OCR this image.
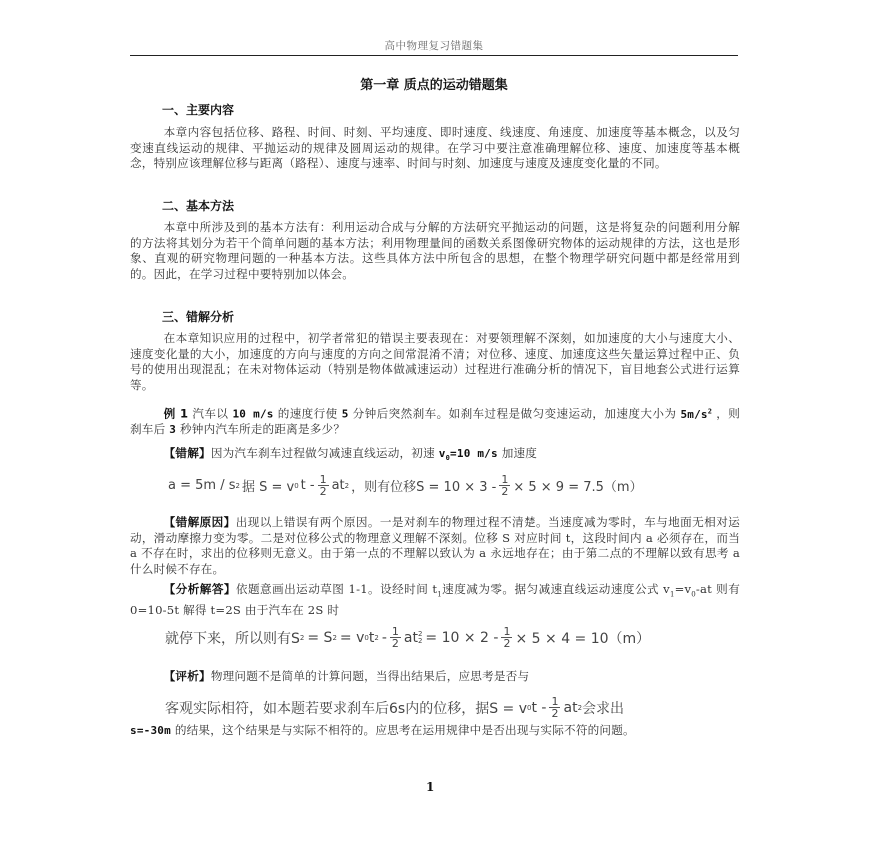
高中物理复习错题集
第一章 质点的运动错题集
一、主要内容
本章内容包括位移、路程、时间、时刻、平均速度、即时速度、线速度、角速度、加速度等基本概念，以及匀变速直线运动的规律、平抛运动的规律及圆周运动的规律。在学习中要注意准确理解位移、速度、加速度等基本概念，特别应该理解位移与距离（路程）、速度与速率、时间与时刻、加速度与速度及速度变化量的不同。
二、基本方法
本章中所涉及到的基本方法有：利用运动合成与分解的方法研究平抛运动的问题，这是将复杂的问题利用分解的方法将其划分为若干个简单问题的基本方法；利用物理量间的函数关系图像研究物体的运动规律的方法，这也是形象、直观的研究物理问题的一种基本方法。这些具体方法中所包含的思想，在整个物理学研究问题中都是经常用到的。因此，在学习过程中要特别加以体会。
三、错解分析
在本章知识应用的过程中，初学者常犯的错误主要表现在：对要领理解不深刻，如加速度的大小与速度大小、速度变化量的大小，加速度的方向与速度的方向之间常混淆不清；对位移、速度、加速度这些矢量运算过程中正、负号的使用出现混乱；在未对物体运动（特别是物体做减速运动）过程进行准确分析的情况下，盲目地套公式进行运算等。
例 1 汽车以 10 m/s 的速度行使 5 分钟后突然刹车。如刹车过程是做匀变速运动，加速度大小为 $5m/s^2$ ，则刹车后 3 秒钟内汽车所走的距离是多少？
【错解】因为汽车刹车过程做匀减速直线运动，初速 $v_0=10$ m/s 加速度
a = 5m / s 2 据 S = v 0 t - $\frac{1}{2}$ at 2 ，则有位移$S = 10 \times 3 - \frac{1}{2} \times 5 \times 9 = 7.5(m)$
【错解原因】出现以上错误有两个原因。一是对刹车的物理过程不清楚。当速度减为零时，车与地面无相对运动，滑动摩擦力变为零。二是对位移公式的物理意义理解不深刻。位移 S 对应时间 t，这段时间内 a 必须存在，而当 a 不存在时，求出的位移则无意义。由于第一点的不理解以致认为 a 永远地存在；由于第二点的不理解以致有思考 a 什么时候不存在。
【分析解答】依题意画出运动草图 1-1。设经时间 $t_1$速度减为零。据匀减速直线运动速度公式 $v_1=v_0-at$ 则有 0=10-5t 解得 t=2S 由于汽车在 2S 时
就停下来，所以则有S 2 = S 2 = v 0 t $2 - \frac{1}{2}$ at 2
$2 = 10 \times 2 - \frac{1}{2} \times 5 \times 4 = 10(m)$
【评析】物理问题不是简单的计算问题，当得出结果后，应思考是否与
客观实际相符，如本题若要求刹车后6s内的位移，据S = v 0 t - $\frac{1}{2}$ at 2 会求出
s=-30m 的结果，这个结果是与实际不相符的。应思考在运用规律中是否出现与实际不符的问题。
1
